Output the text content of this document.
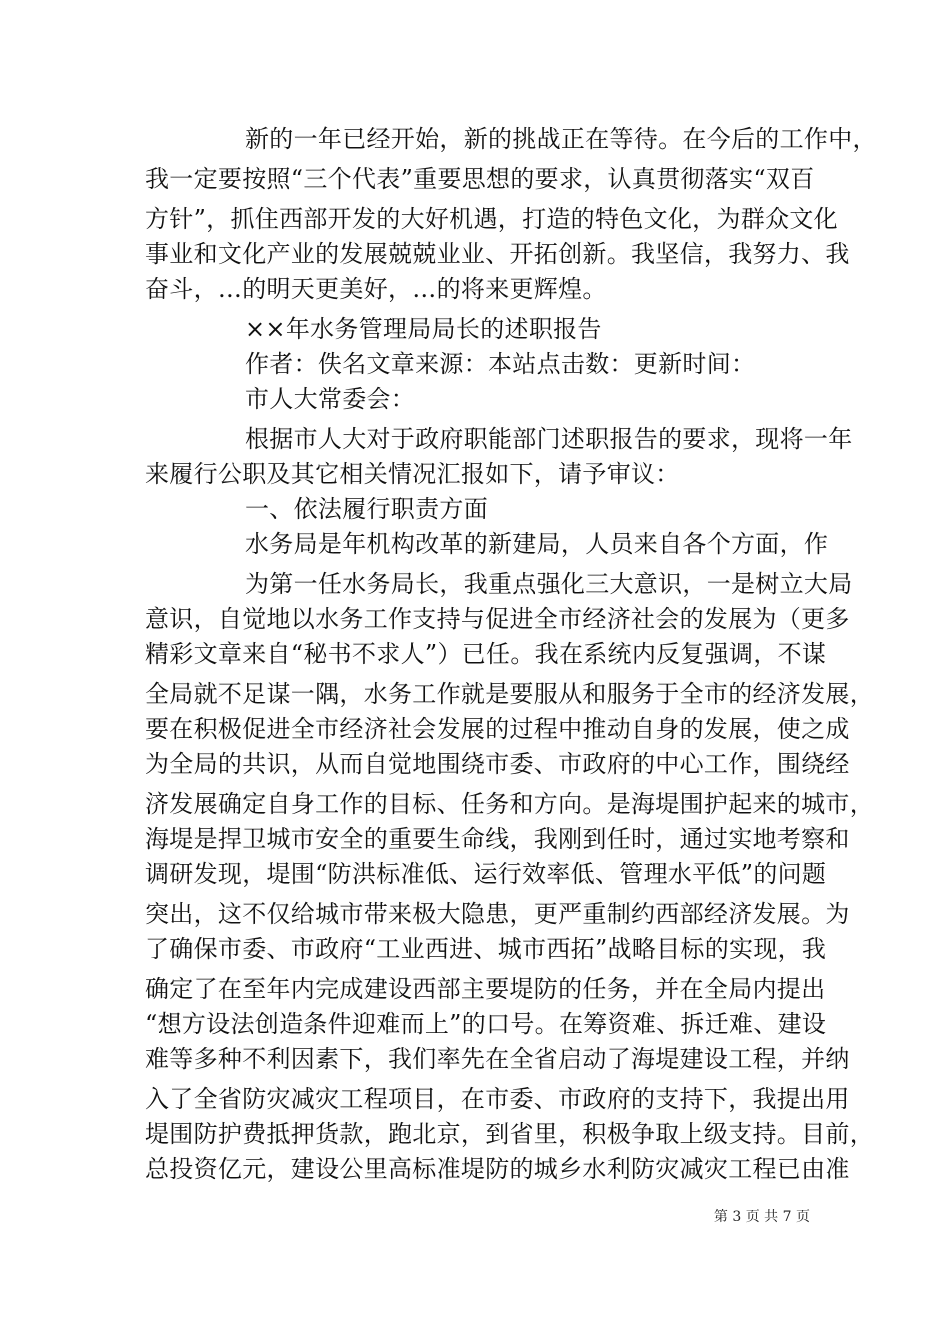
新的一年已经开始，新的挑战正在等待。在今后的工作中，
我一定要按照“三个代表”重要思想的要求，认真贯彻落实“双百
方针”，抓住西部开发的大好机遇，打造的特色文化，为群众文化
事业和文化产业的发展兢兢业业、开拓创新。我坚信，我努力、我
奋斗，…的明天更美好，…的将来更辉煌。
××年水务管理局局长的述职报告
作者：佚名文章来源：本站点击数：更新时间：
市人大常委会：
根据市人大对于政府职能部门述职报告的要求，现将一年
来履行公职及其它相关情况汇报如下，请予审议：
一、依法履行职责方面
水务局是年机构改革的新建局，人员来自各个方面，作
为第一任水务局长，我重点强化三大意识，一是树立大局
意识，自觉地以水务工作支持与促进全市经济社会的发展为（更多
精彩文章来自“秘书不求人”）已任。我在系统内反复强调，不谋
全局就不足谋一隅，水务工作就是要服从和服务于全市的经济发展，
要在积极促进全市经济社会发展的过程中推动自身的发展，使之成
为全局的共识，从而自觉地围绕市委、市政府的中心工作，围绕经
济发展确定自身工作的目标、任务和方向。是海堤围护起来的城市，
海堤是捍卫城市安全的重要生命线，我刚到任时，通过实地考察和
调研发现，堤围“防洪标准低、运行效率低、管理水平低”的问题
突出，这不仅给城市带来极大隐患，更严重制约西部经济发展。为
了确保市委、市政府“工业西进、城市西拓”战略目标的实现，我
确定了在至年内完成建设西部主要堤防的任务，并在全局内提出
“想方设法创造条件迎难而上”的口号。在筹资难、拆迁难、建设
难等多种不利因素下，我们率先在全省启动了海堤建设工程，并纳
入了全省防灾减灾工程项目，在市委、市政府的支持下，我提出用
堤围防护费抵押货款，跑北京，到省里，积极争取上级支持。目前，
总投资亿元，建设公里高标准堤防的城乡水利防灾减灾工程已由准
第 3 页 共 7 页
